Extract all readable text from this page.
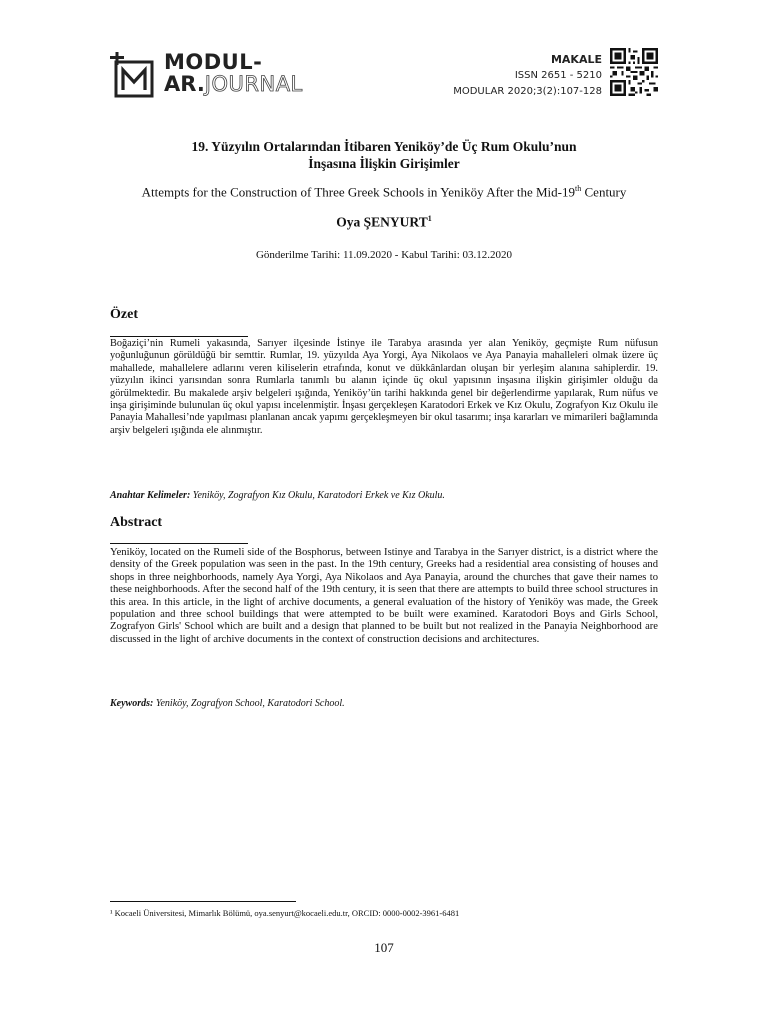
MODUL-
AR.JOURNAL
MAKALE
ISSN 2651 - 5210
MODULAR 2020;3(2):107-128
19. Yüzyılın Ortalarından İtibaren Yeniköy’de Üç Rum Okulu’nun
İnşasına İlişkin Girişimler
Attempts for the Construction of Three Greek Schools in Yeniköy After the Mid-19th Century
Oya ŞENYURT$^1$
Gönderilme Tarihi: 11.09.2020 - Kabul Tarihi: 03.12.2020
Özet
Boğaziçi’nin Rumeli yakasında, Sarıyer ilçesinde İstinye ile Tarabya arasında yer alan Yeniköy, geçmişte Rum nüfusun yoğunluğunun görüldüğü bir semttir. Rumlar, 19. yüzyılda Aya Yorgi, Aya Nikolaos ve Aya Panayia mahalleleri olmak üzere üç mahallede, mahallelere adlarını veren kiliselerin etrafında, konut ve dükkânlardan oluşan bir yerleşim alanına sahiplerdir. 19. yüzyılın ikinci yarısından sonra Rumlarla tanımlı bu alanın içinde üç okul yapısının inşasına ilişkin girişimler olduğu da görülmektedir. Bu makalede arşiv belgeleri ışığında, Yeniköy’ün tarihi hakkında genel bir değerlendirme yapılarak, Rum nüfus ve inşa girişiminde bulunulan üç okul yapısı incelenmiştir. İnşası gerçekleşen Karatodori Erkek ve Kız Okulu, Zografyon Kız Okulu ile Panayia Mahallesi’nde yapılması planlanan ancak yapımı gerçekleşmeyen bir okul tasarımı; inşa kararları ve mimarileri bağlamında arşiv belgeleri ışığında ele alınmıştır.
Anahtar Kelimeler: Yeniköy, Zografyon Kız Okulu, Karatodori Erkek ve Kız Okulu.
Abstract
Yeniköy, located on the Rumeli side of the Bosphorus, between Istinye and Tarabya in the Sarıyer district, is a district where the density of the Greek population was seen in the past. In the 19th century, Greeks had a residential area consisting of houses and shops in three neighborhoods, namely Aya Yorgi, Aya Nikolaos and Aya Panayia, around the churches that gave their names to these neighborhoods. After the second half of the 19th century, it is seen that there are attempts to build three school structures in this area. In this article, in the light of archive documents, a general evaluation of the history of Yeniköy was made, the Greek population and three school buildings that were attempted to be built were examined. Karatodori Boys and Girls School, Zografyon Girls' School which are built and a design that planned to be built but not realized in the Panayia Neighborhood are discussed in the light of archive documents in the context of construction decisions and architectures.
Keywords: Yeniköy, Zografyon School, Karatodori School.
¹ Kocaeli Üniversitesi, Mimarlık Bölümü, oya.senyurt@kocaeli.edu.tr, ORCID: 0000-0002-3961-6481
107
